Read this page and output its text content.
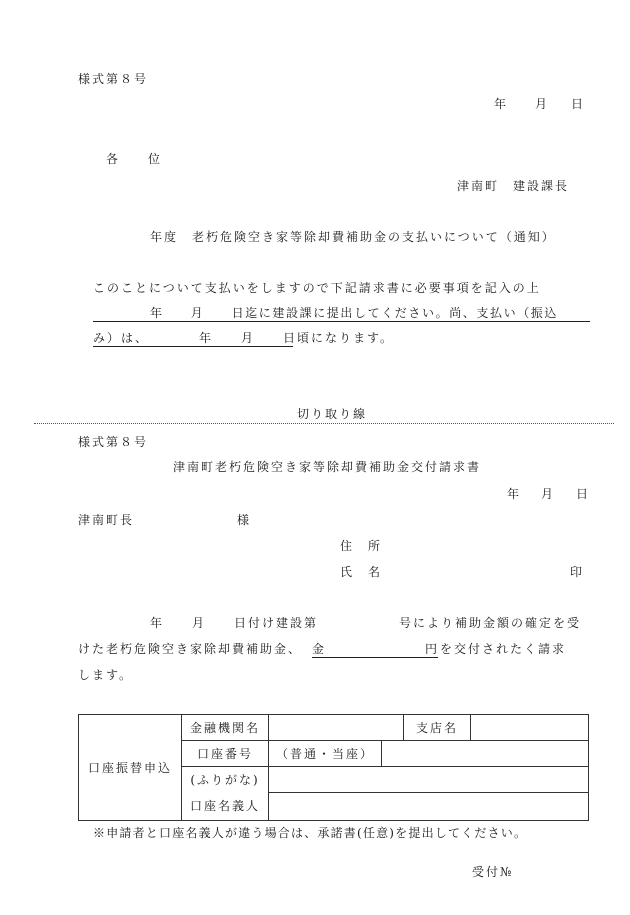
様式第８号
年 月 日
各　　位
津南町　建設課長
年度　老朽危険空き家等除却費補助金の支払いについて（通知）
このことについて支払いをしますので下記請求書に必要事項を記入の上
年　　月　　日迄に建設課に提出してください。尚、支払い（振込
み）は、　　　　年　　月　　日頃になります。
切り取り線
様式第８号
津南町老朽危険空き家等除却費補助金交付請求書
年 月 日
津南町長	様
住　所
氏　名	印
年　　月　　日付け建設第	号により補助金額の確定を受
けた老朽危険空き家除却費補助金、 金	円 を交付されたく請求
します。
口座振替申込	金融機関名			支店名	
	口座番号	（普通・当座）			
	(ふりがな)				
	口座名義人				
※申請者と口座名義人が違う場合は、承諾書(任意)を提出してください。
受付№
